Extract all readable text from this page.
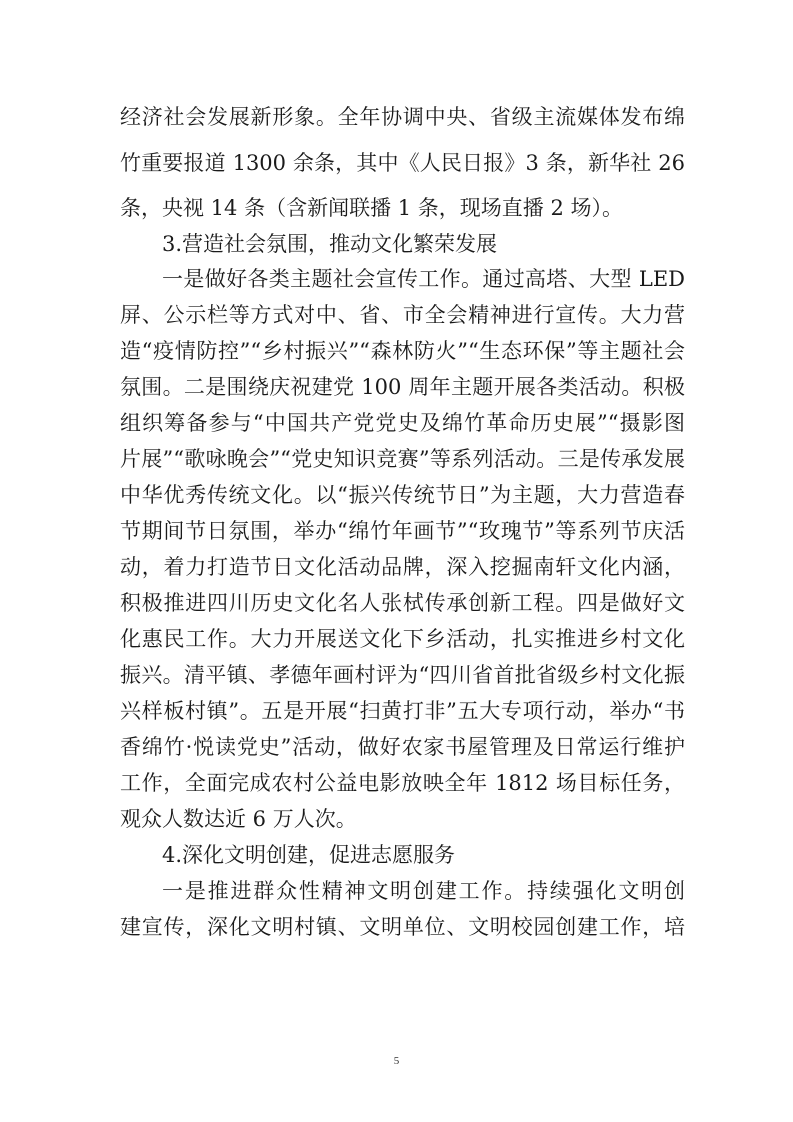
经济社会发展新形象。全年协调中央、省级主流媒体发布绵
竹重要报道 1300 余条，其中《人民日报》3 条，新华社 26
条，央视 14 条（含新闻联播 1 条，现场直播 2 场）。
3.营造社会氛围，推动文化繁荣发展
一是做好各类主题社会宣传工作。通过高塔、大型 LED
屏、公示栏等方式对中、省、市全会精神进行宣传。大力营
造“疫情防控”“乡村振兴”“森林防火”“生态环保”等主题社会
氛围。二是围绕庆祝建党 100 周年主题开展各类活动。积极
组织筹备参与“中国共产党党史及绵竹革命历史展”“摄影图
片展”“歌咏晚会”“党史知识竞赛”等系列活动。三是传承发展
中华优秀传统文化。以“振兴传统节日”为主题，大力营造春
节期间节日氛围，举办“绵竹年画节”“玫瑰节”等系列节庆活
动，着力打造节日文化活动品牌，深入挖掘南轩文化内涵，
积极推进四川历史文化名人张栻传承创新工程。四是做好文
化惠民工作。大力开展送文化下乡活动，扎实推进乡村文化
振兴。清平镇、孝德年画村评为“四川省首批省级乡村文化振
兴样板村镇”。五是开展“扫黄打非”五大专项行动，举办“书
香绵竹·悦读党史”活动，做好农家书屋管理及日常运行维护
工作，全面完成农村公益电影放映全年 1812 场目标任务，
观众人数达近 6 万人次。
4.深化文明创建，促进志愿服务
一是推进群众性精神文明创建工作。持续强化文明创
建宣传，深化文明村镇、文明单位、文明校园创建工作，培
5
